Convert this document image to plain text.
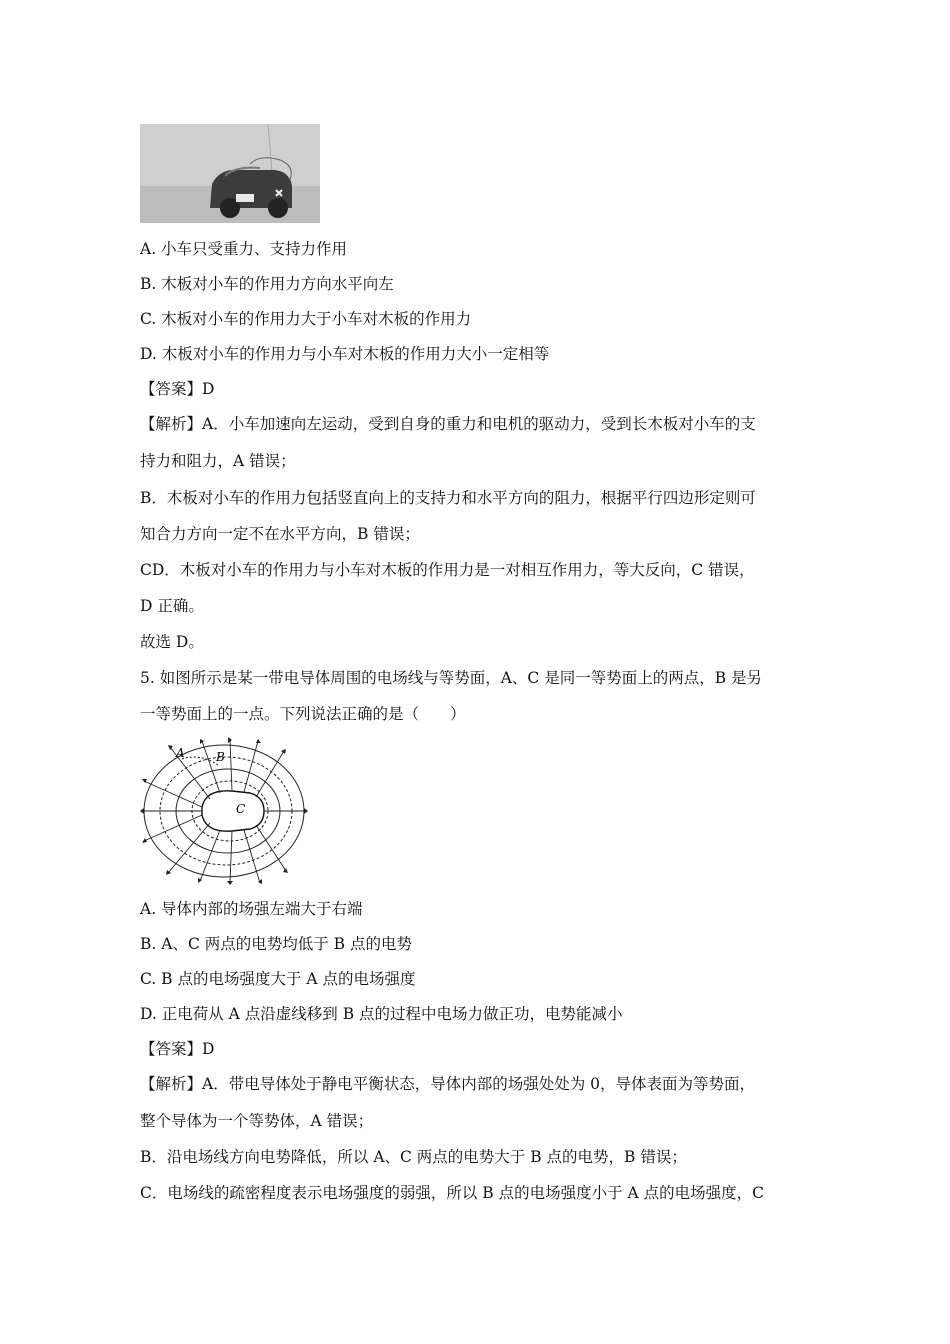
A. 小车只受重力、支持力作用
B. 木板对小车的作用力方向水平向左
C. 木板对小车的作用力大于小车对木板的作用力
D. 木板对小车的作用力与小车对木板的作用力大小一定相等
【答案】D
【解析】A．小车加速向左运动，受到自身的重力和电机的驱动力，受到长木板对小车的支
持力和阻力，A 错误；
B．木板对小车的作用力包括竖直向上的支持力和水平方向的阻力，根据平行四边形定则可
知合力方向一定不在水平方向，B 错误；
CD．木板对小车的作用力与小车对木板的作用力是一对相互作用力，等大反向，C 错误，
D 正确。
故选 D。
5. 如图所示是某一带电导体周围的电场线与等势面，A、C 是同一等势面上的两点，B 是另
一等势面上的一点。下列说法正确的是（　　）
A	B
C
A. 导体内部的场强左端大于右端
B. A、C 两点的电势均低于 B 点的电势
C. B 点的电场强度大于 A 点的电场强度
D. 正电荷从 A 点沿虚线移到 B 点的过程中电场力做正功，电势能减小
【答案】D
【解析】A．带电导体处于静电平衡状态，导体内部的场强处处为 0，导体表面为等势面，
整个导体为一个等势体，A 错误；
B．沿电场线方向电势降低，所以 A、C 两点的电势大于 B 点的电势，B 错误；
C．电场线的疏密程度表示电场强度的弱强，所以 B 点的电场强度小于 A 点的电场强度，C
